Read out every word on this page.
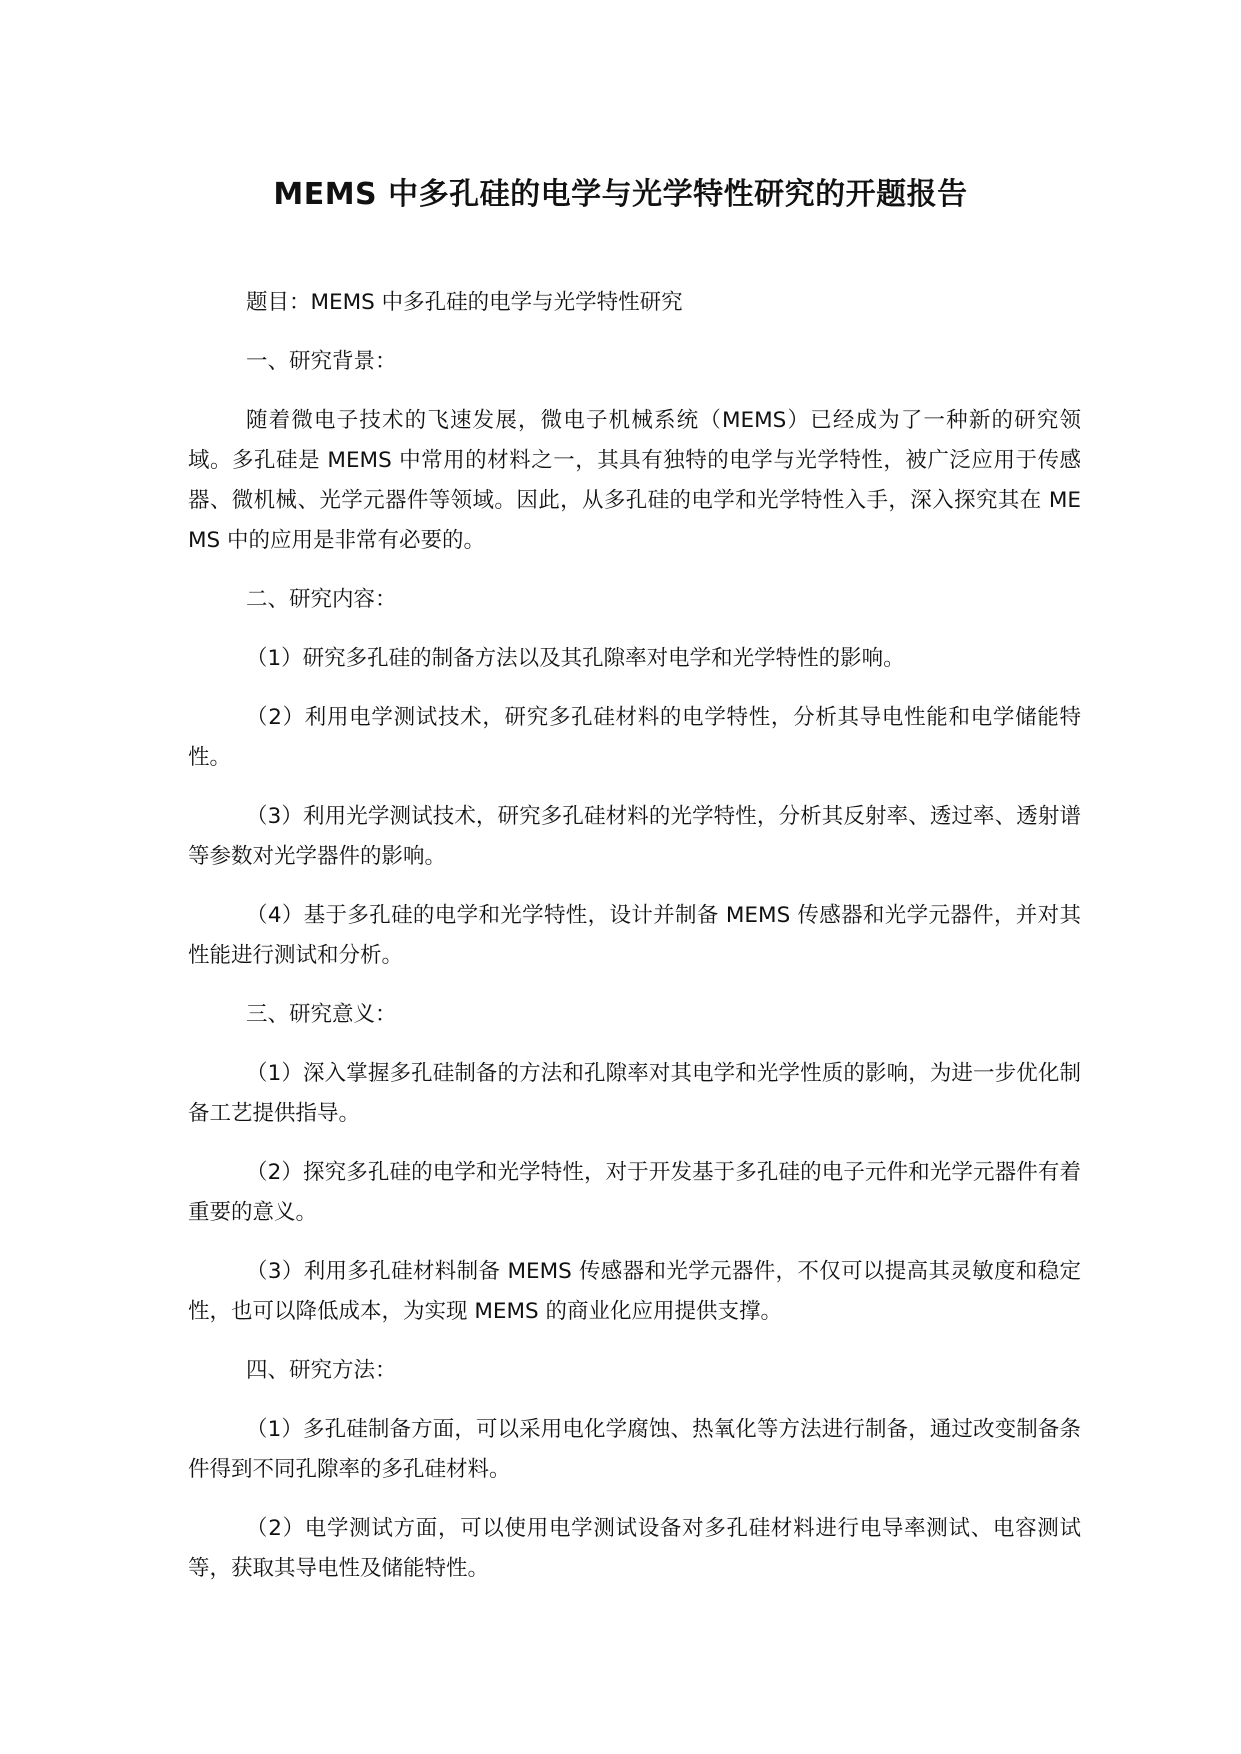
MEMS 中多孔硅的电学与光学特性研究的开题报告

题目：MEMS 中多孔硅的电学与光学特性研究

一、研究背景：

随着微电子技术的飞速发展，微电子机械系统（MEMS）已经成为了一种新的研究领域。多孔硅是 MEMS 中常用的材料之一，其具有独特的电学与光学特性，被广泛应用于传感器、微机械、光学元器件等领域。因此，从多孔硅的电学和光学特性入手，深入探究其在 MEMS 中的应用是非常有必要的。

二、研究内容：

（1）研究多孔硅的制备方法以及其孔隙率对电学和光学特性的影响。

（2）利用电学测试技术，研究多孔硅材料的电学特性，分析其导电性能和电学储能特性。

（3）利用光学测试技术，研究多孔硅材料的光学特性，分析其反射率、透过率、透射谱等参数对光学器件的影响。

（4）基于多孔硅的电学和光学特性，设计并制备 MEMS 传感器和光学元器件，并对其性能进行测试和分析。

三、研究意义：

（1）深入掌握多孔硅制备的方法和孔隙率对其电学和光学性质的影响，为进一步优化制备工艺提供指导。

（2）探究多孔硅的电学和光学特性，对于开发基于多孔硅的电子元件和光学元器件有着重要的意义。

（3）利用多孔硅材料制备 MEMS 传感器和光学元器件，不仅可以提高其灵敏度和稳定性，也可以降低成本，为实现 MEMS 的商业化应用提供支撑。

四、研究方法：

（1）多孔硅制备方面，可以采用电化学腐蚀、热氧化等方法进行制备，通过改变制备条件得到不同孔隙率的多孔硅材料。

（2）电学测试方面，可以使用电学测试设备对多孔硅材料进行电导率测试、电容测试等，获取其导电性及储能特性。
